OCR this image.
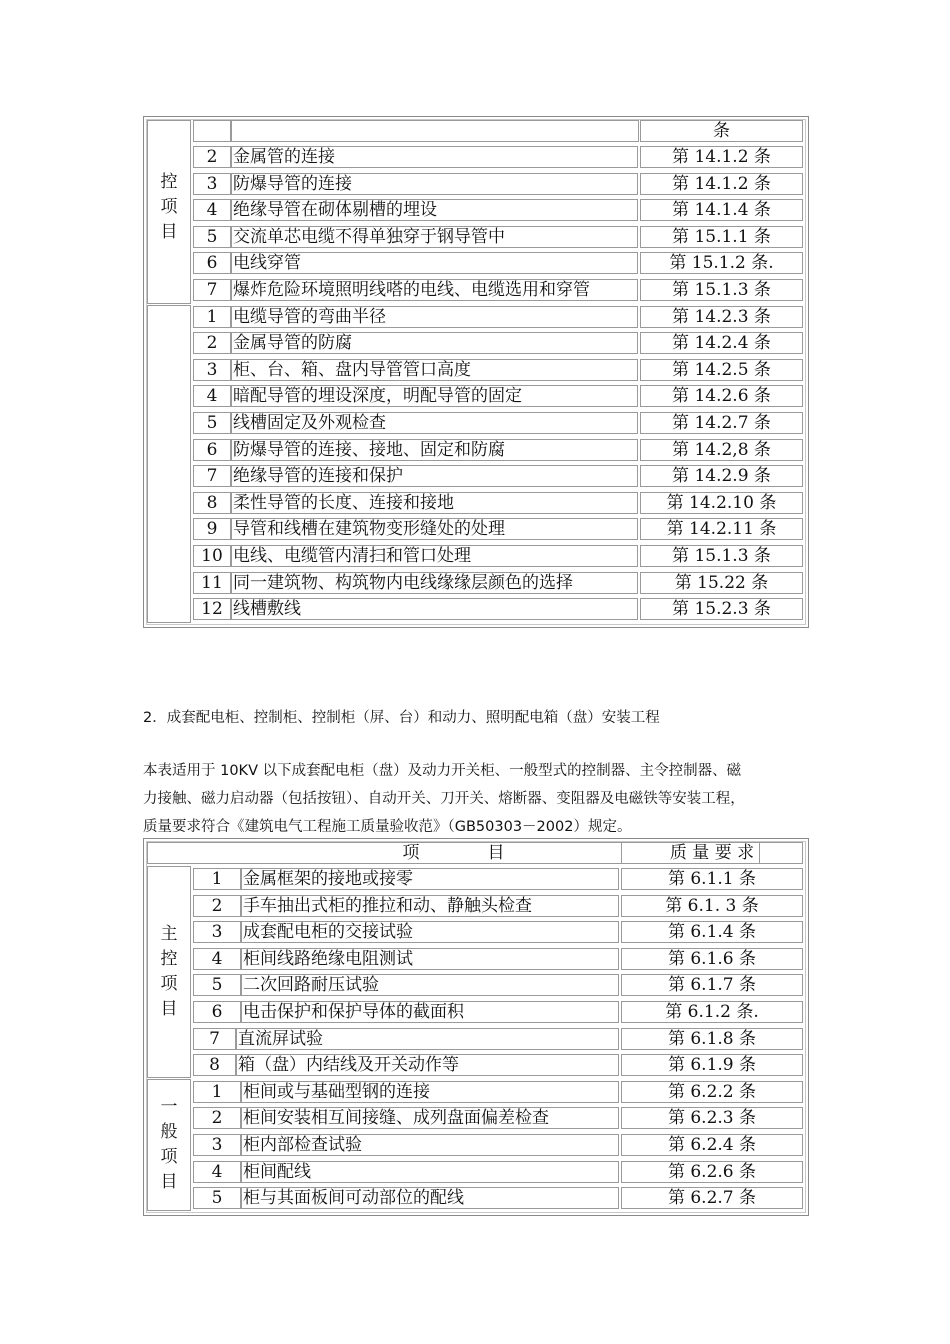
控项目
条
2 金属管的连接	第 14.1.2 条
3 防爆导管的连接	第 14.1.2 条
4 绝缘导管在砌体剔槽的埋设	第 14.1.4 条
5 交流单芯电缆不得单独穿于钢导管中	第 15.1.1 条
6 电线穿管	第 15.1.2 条.
7 爆炸危险环境照明线嗒的电线、电缆选用和穿管	第 15.1.3 条
1 电缆导管的弯曲半径	第 14.2.3 条
2 金属导管的防腐	第 14.2.4 条
3 柜、台、箱、盘内导管管口高度	第 14.2.5 条
4 暗配导管的埋设深度，明配导管的固定	第 14.2.6 条
5 线槽固定及外观检查	第 14.2.7 条
6 防爆导管的连接、接地、固定和防腐	第 14.2,8 条
7 绝缘导管的连接和保护	第 14.2.9 条
8 柔性导管的长度、连接和接地	第 14.2.10 条
9 导管和线槽在建筑物变形缝处的处理	第 14.2.11 条
10 电线、电缆管内清扫和管口处理	第 15.1.3 条
11 同一建筑物、构筑物内电线缘缘层颜色的选择	第 15.22 条
12 线槽敷线	第 15.2.3 条
2．成套配电柜、控制柜、控制柜（屏、台）和动力、照明配电箱（盘）安装工程
本表适用于 10KV 以下成套配电柜（盘）及动力开关柜、一般型式的控制器、主令控制器、磁
力接触、磁力启动器（包括按钮）、自动开关、刀开关、熔断器、变阻器及电磁铁等安装工程，
质量要求符合《建筑电气工程施工质量验收范》（GB50303－2002）规定。
项　　　　目	质 量 要 求
主控项目
一般项目
1	金属框架的接地或接零	第 6.1.1 条
2	手车抽出式柜的推拉和动、静触头检查	第 6.1. 3 条
3	成套配电柜的交接试验	第 6.1.4 条
4	柜间线路绝缘电阻测试	第 6.1.6 条
5	二次回路耐压试验	第 6.1.7 条
6	电击保护和保护导体的截面积	第 6.1.2 条.
7	直流屏试验	第 6.1.8 条
8	箱（盘）内结线及开关动作等	第 6.1.9 条
1	柜间或与基础型钢的连接	第 6.2.2 条
2	柜间安装相互间接缝、成列盘面偏差检查	第 6.2.3 条
3	柜内部检查试验	第 6.2.4 条
4	柜间配线	第 6.2.6 条
5	柜与其面板间可动部位的配线	第 6.2.7 条
